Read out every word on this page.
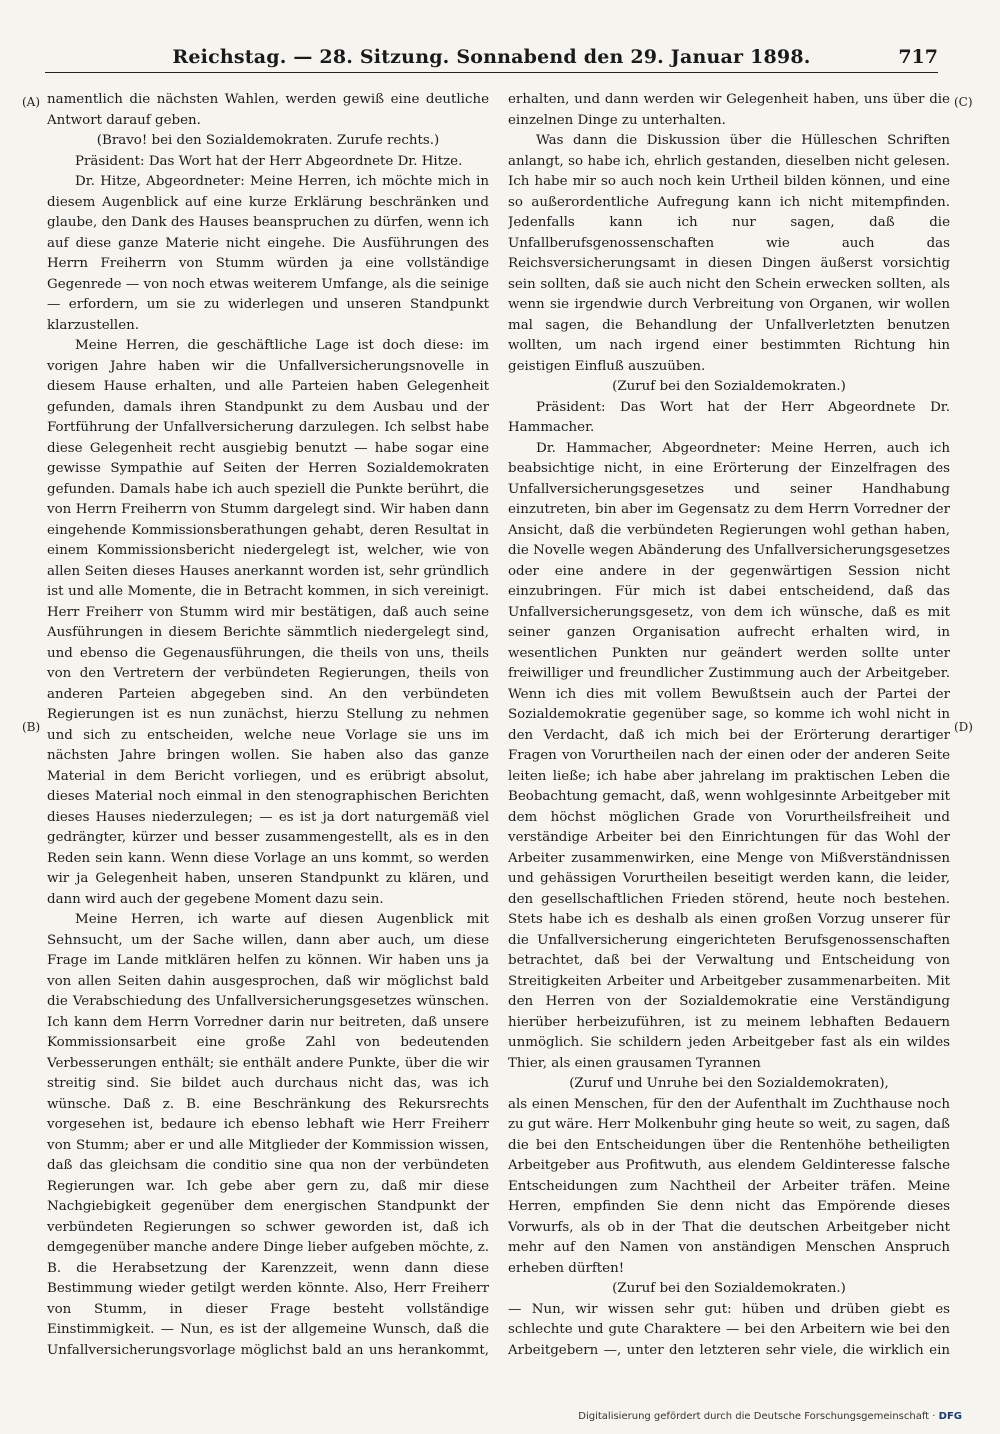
Reichstag. — 28. Sitzung. Sonnabend den 29. Januar 1898.	717
(A)
(B)
(C)
(D)

namentlich die nächsten Wahlen, werden gewiß eine deutliche Antwort darauf geben.

(Bravo! bei den Sozialdemokraten. Zurufe rechts.)

Präsident: Das Wort hat der Herr Abgeordnete Dr. Hitze.

Dr. Hitze, Abgeordneter: Meine Herren, ich möchte mich in diesem Augenblick auf eine kurze Erklärung beschränken und glaube, den Dank des Hauses beanspruchen zu dürfen, wenn ich auf diese ganze Materie nicht eingehe. Die Ausführungen des Herrn Freiherrn von Stumm würden ja eine vollständige Gegenrede — von noch etwas weiterem Umfange, als die seinige — erfordern, um sie zu widerlegen und unseren Standpunkt klarzustellen.

Meine Herren, die geschäftliche Lage ist doch diese: im vorigen Jahre haben wir die Unfallversicherungsnovelle in diesem Hause erhalten, und alle Parteien haben Gelegenheit gefunden, damals ihren Standpunkt zu dem Ausbau und der Fortführung der Unfallversicherung darzulegen. Ich selbst habe diese Gelegenheit recht ausgiebig benutzt — habe sogar eine gewisse Sympathie auf Seiten der Herren Sozialdemokraten gefunden. Damals habe ich auch speziell die Punkte berührt, die von Herrn Freiherrn von Stumm dargelegt sind. Wir haben dann eingehende Kommissionsberathungen gehabt, deren Resultat in einem Kommissionsbericht niedergelegt ist, welcher, wie von allen Seiten dieses Hauses anerkannt worden ist, sehr gründlich ist und alle Momente, die in Betracht kommen, in sich vereinigt. Herr Freiherr von Stumm wird mir bestätigen, daß auch seine Ausführungen in diesem Berichte sämmtlich niedergelegt sind, und ebenso die Gegenausführungen, die theils von uns, theils von den Vertretern der verbündeten Regierungen, theils von anderen Parteien abgegeben sind. An den verbündeten Regierungen ist es nun zunächst, hierzu Stellung zu nehmen und sich zu entscheiden, welche neue Vorlage sie uns im nächsten Jahre bringen wollen. Sie haben also das ganze Material in dem Bericht vorliegen, und es erübrigt absolut, dieses Material noch einmal in den stenographischen Berichten dieses Hauses niederzulegen; — es ist ja dort naturgemäß viel gedrängter, kürzer und besser zusammengestellt, als es in den Reden sein kann. Wenn diese Vorlage an uns kommt, so werden wir ja Gelegenheit haben, unseren Standpunkt zu klären, und dann wird auch der gegebene Moment dazu sein.

Meine Herren, ich warte auf diesen Augenblick mit Sehnsucht, um der Sache willen, dann aber auch, um diese Frage im Lande mitklären helfen zu können. Wir haben uns ja von allen Seiten dahin ausgesprochen, daß wir möglichst bald die Verabschiedung des Unfallversicherungsgesetzes wünschen. Ich kann dem Herrn Vorredner darin nur beitreten, daß unsere Kommissionsarbeit eine große Zahl von bedeutenden Verbesserungen enthält; sie enthält andere Punkte, über die wir streitig sind. Sie bildet auch durchaus nicht das, was ich wünsche. Daß z. B. eine Beschränkung des Rekursrechts vorgesehen ist, bedaure ich ebenso lebhaft wie Herr Freiherr von Stumm; aber er und alle Mitglieder der Kommission wissen, daß das gleichsam die conditio sine qua non der verbündeten Regierungen war. Ich gebe aber gern zu, daß mir diese Nachgiebigkeit gegenüber dem energischen Standpunkt der verbündeten Regierungen so schwer geworden ist, daß ich demgegenüber manche andere Dinge lieber aufgeben möchte, z. B. die Herabsetzung der Karenzzeit, wenn dann diese Bestimmung wieder getilgt werden könnte. Also, Herr Freiherr von Stumm, in dieser Frage besteht vollständige Einstimmigkeit. — Nun, es ist der allgemeine Wunsch, daß die Unfallversicherungsvorlage möglichst bald an uns herankommt,

erhalten, und dann werden wir Gelegenheit haben, uns über die einzelnen Dinge zu unterhalten.

Was dann die Diskussion über die Hülleschen Schriften anlangt, so habe ich, ehrlich gestanden, dieselben nicht gelesen. Ich habe mir so auch noch kein Urtheil bilden können, und eine so außerordentliche Aufregung kann ich nicht mitempfinden. Jedenfalls kann ich nur sagen, daß die Unfallberufsgenossenschaften wie auch das Reichsversicherungsamt in diesen Dingen äußerst vorsichtig sein sollten, daß sie auch nicht den Schein erwecken sollten, als wenn sie irgendwie durch Verbreitung von Organen, wir wollen mal sagen, die Behandlung der Unfallverletzten benutzen wollten, um nach irgend einer bestimmten Richtung hin geistigen Einfluß auszuüben.

(Zuruf bei den Sozialdemokraten.)

Präsident: Das Wort hat der Herr Abgeordnete Dr. Hammacher.

Dr. Hammacher, Abgeordneter: Meine Herren, auch ich beabsichtige nicht, in eine Erörterung der Einzelfragen des Unfallversicherungsgesetzes und seiner Handhabung einzutreten, bin aber im Gegensatz zu dem Herrn Vorredner der Ansicht, daß die verbündeten Regierungen wohl gethan haben, die Novelle wegen Abänderung des Unfallversicherungsgesetzes oder eine andere in der gegenwärtigen Session nicht einzubringen. Für mich ist dabei entscheidend, daß das Unfallversicherungsgesetz, von dem ich wünsche, daß es mit seiner ganzen Organisation aufrecht erhalten wird, in wesentlichen Punkten nur geändert werden sollte unter freiwilliger und freundlicher Zustimmung auch der Arbeitgeber. Wenn ich dies mit vollem Bewußtsein auch der Partei der Sozialdemokratie gegenüber sage, so komme ich wohl nicht in den Verdacht, daß ich mich bei der Erörterung derartiger Fragen von Vorurtheilen nach der einen oder der anderen Seite leiten ließe; ich habe aber jahrelang im praktischen Leben die Beobachtung gemacht, daß, wenn wohlgesinnte Arbeitgeber mit dem höchst möglichen Grade von Vorurtheilsfreiheit und verständige Arbeiter bei den Einrichtungen für das Wohl der Arbeiter zusammenwirken, eine Menge von Mißverständnissen und gehässigen Vorurtheilen beseitigt werden kann, die leider, den gesellschaftlichen Frieden störend, heute noch bestehen. Stets habe ich es deshalb als einen großen Vorzug unserer für die Unfallversicherung eingerichteten Berufsgenossenschaften betrachtet, daß bei der Verwaltung und Entscheidung von Streitigkeiten Arbeiter und Arbeitgeber zusammenarbeiten. Mit den Herren von der Sozialdemokratie eine Verständigung hierüber herbeizuführen, ist zu meinem lebhaften Bedauern unmöglich. Sie schildern jeden Arbeitgeber fast als ein wildes Thier, als einen grausamen Tyrannen

(Zuruf und Unruhe bei den Sozialdemokraten),

als einen Menschen, für den der Aufenthalt im Zuchthause noch zu gut wäre. Herr Molkenbuhr ging heute so weit, zu sagen, daß die bei den Entscheidungen über die Rentenhöhe betheiligten Arbeitgeber aus Profitwuth, aus elendem Geldinteresse falsche Entscheidungen zum Nachtheil der Arbeiter träfen. Meine Herren, empfinden Sie denn nicht das Empörende dieses Vorwurfs, als ob in der That die deutschen Arbeitgeber nicht mehr auf den Namen von anständigen Menschen Anspruch erheben dürften!

(Zuruf bei den Sozialdemokraten.)

— Nun, wir wissen sehr gut: hüben und drüben giebt es schlechte und gute Charaktere — bei den Arbeitern wie bei den Arbeitgebern —, unter den letzteren sehr viele, die wirklich ein

Digitalisierung gefördert durch die Deutsche Forschungsgemeinschaft · DFG
